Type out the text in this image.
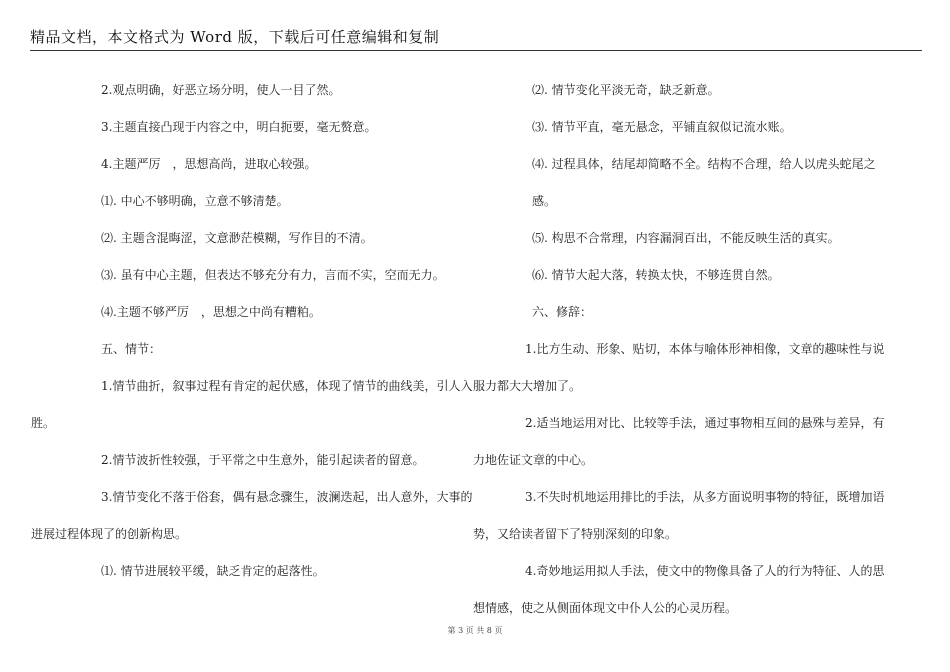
精品文档，本文格式为 Word 版，下载后可任意编辑和复制

2.观点明确，好恶立场分明，使人一目了然。

3.主题直接凸现于内容之中，明白扼要，毫无赘意。

4.主题严厉　，思想高尚，进取心较强。

⑴. 中心不够明确，立意不够清楚。

⑵. 主题含混晦涩，文意渺茫模糊，写作目的不清。

⑶. 虽有中心主题，但表达不够充分有力，言而不实，空而无力。

⑷.主题不够严厉　，思想之中尚有糟粕。

五、情节：

1.情节曲折，叙事过程有肯定的起伏感，体现了情节的曲线美，引人入胜。

2.情节波折性较强，于平常之中生意外，能引起读者的留意。

3.情节变化不落于俗套，偶有悬念骤生，波澜迭起，出人意外，大事的进展过程体现了的创新构思。

⑴. 情节进展较平缓，缺乏肯定的起落性。

⑵. 情节变化平淡无奇，缺乏新意。

⑶. 情节平直，毫无悬念，平铺直叙似记流水账。

⑷. 过程具体，结尾却简略不全。结构不合理，给人以虎头蛇尾之感。

⑸. 构思不合常理，内容漏洞百出，不能反映生活的真实。

⑹. 情节大起大落，转换太快，不够连贯自然。

六、修辞：

1.比方生动、形象、贴切，本体与喻体形神相像，文章的趣味性与说服力都大大增加了。

2.适当地运用对比、比较等手法，通过事物相互间的悬殊与差异，有力地佐证文章的中心。

3.不失时机地运用排比的手法，从多方面说明事物的特征，既增加语势，又给读者留下了特别深刻的印象。

4.奇妙地运用拟人手法，使文中的物像具备了人的行为特征、人的思想情感，使之从侧面体现文中仆人公的心灵历程。

第 3 页 共 8 页
